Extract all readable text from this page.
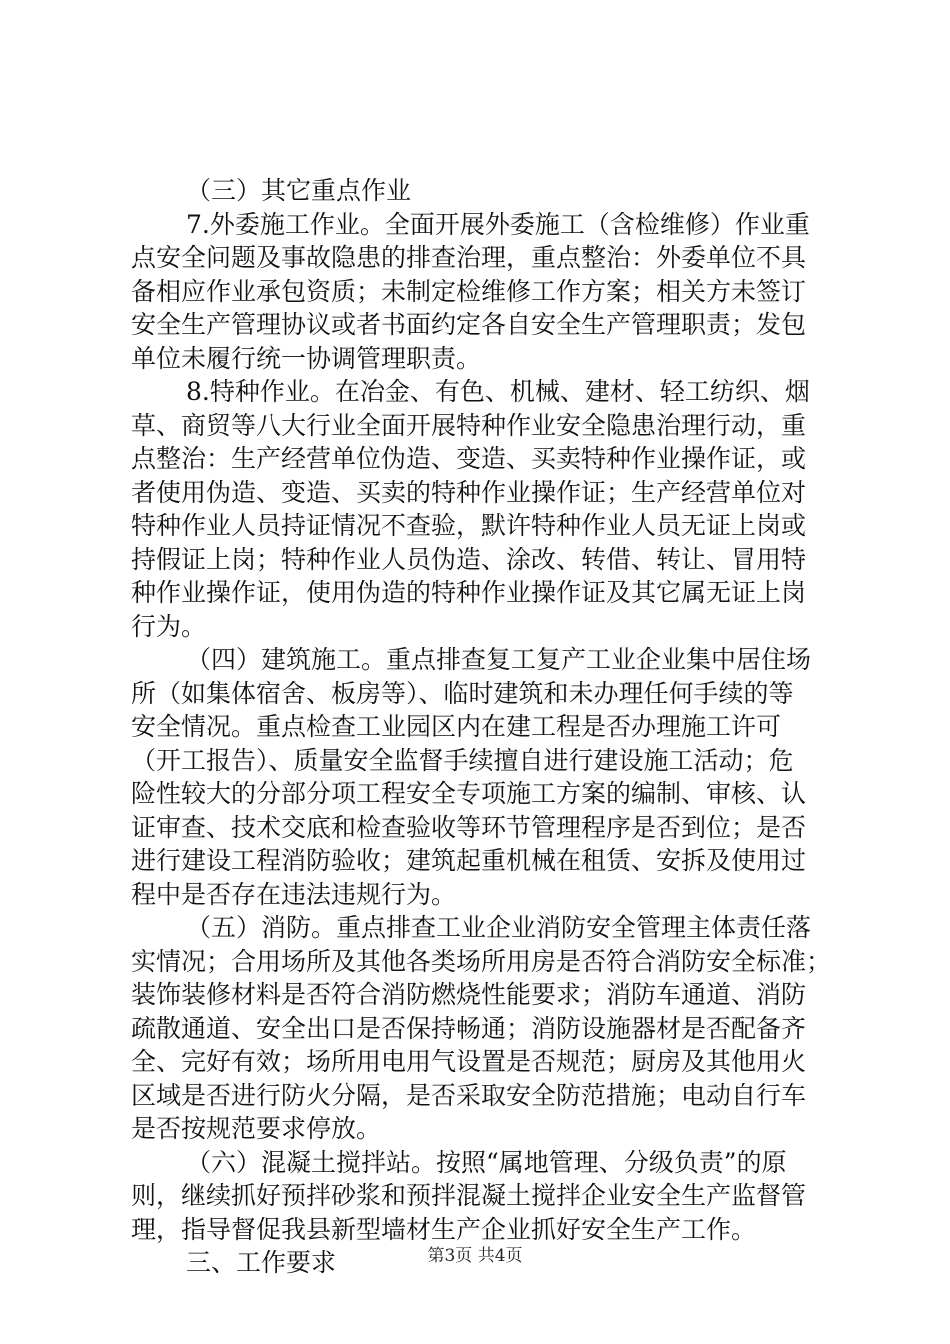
（三）其它重点作业
7.外委施工作业。全面开展外委施工（含检维修）作业重
点安全问题及事故隐患的排查治理，重点整治：外委单位不具
备相应作业承包资质；未制定检维修工作方案；相关方未签订
安全生产管理协议或者书面约定各自安全生产管理职责；发包
单位未履行统一协调管理职责。
8.特种作业。在冶金、有色、机械、建材、轻工纺织、烟
草、商贸等八大行业全面开展特种作业安全隐患治理行动，重
点整治：生产经营单位伪造、变造、买卖特种作业操作证，或
者使用伪造、变造、买卖的特种作业操作证；生产经营单位对
特种作业人员持证情况不查验，默许特种作业人员无证上岗或
持假证上岗；特种作业人员伪造、涂改、转借、转让、冒用特
种作业操作证，使用伪造的特种作业操作证及其它属无证上岗
行为。
（四）建筑施工。重点排查复工复产工业企业集中居住场
所（如集体宿舍、板房等）、临时建筑和未办理任何手续的等
安全情况。重点检查工业园区内在建工程是否办理施工许可
（开工报告）、质量安全监督手续擅自进行建设施工活动；危
险性较大的分部分项工程安全专项施工方案的编制、审核、认
证审查、技术交底和检查验收等环节管理程序是否到位；是否
进行建设工程消防验收；建筑起重机械在租赁、安拆及使用过
程中是否存在违法违规行为。
（五）消防。重点排查工业企业消防安全管理主体责任落
实情况；合用场所及其他各类场所用房是否符合消防安全标准；
装饰装修材料是否符合消防燃烧性能要求；消防车通道、消防
疏散通道、安全出口是否保持畅通；消防设施器材是否配备齐
全、完好有效；场所用电用气设置是否规范；厨房及其他用火
区域是否进行防火分隔，是否采取安全防范措施；电动自行车
是否按规范要求停放。
（六）混凝土搅拌站。按照“属地管理、分级负责”的原
则，继续抓好预拌砂浆和预拌混凝土搅拌企业安全生产监督管
理，指导督促我县新型墙材生产企业抓好安全生产工作。
三、工作要求	第3页 共4页
